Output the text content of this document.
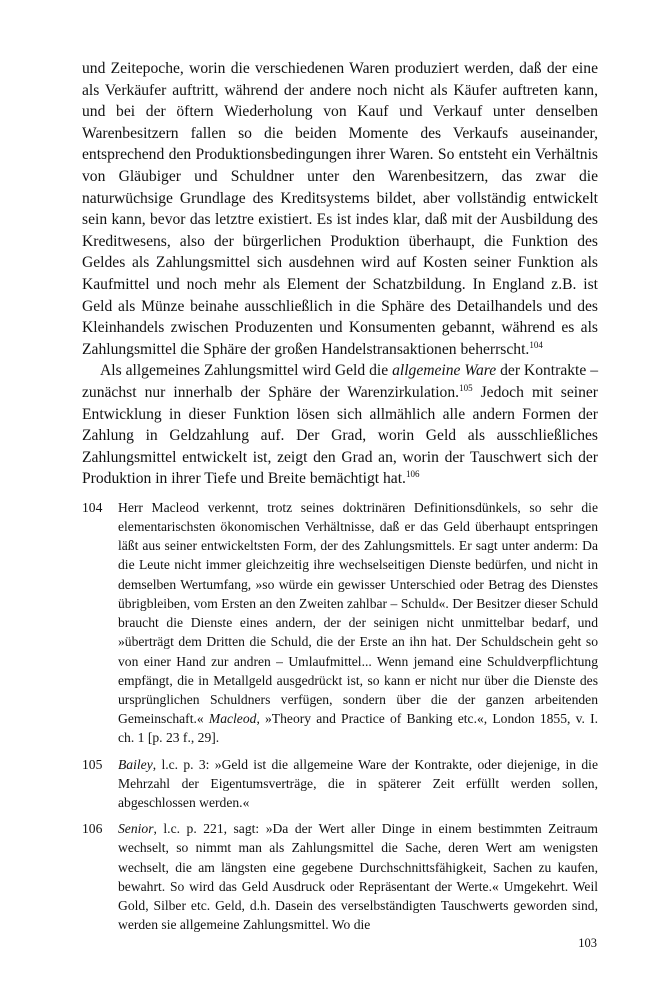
und Zeitepoche, worin die verschiedenen Waren produziert werden, daß der eine als Verkäufer auftritt, während der andere noch nicht als Käufer auftreten kann, und bei der öftern Wiederholung von Kauf und Verkauf unter denselben Warenbesitzern fallen so die beiden Momente des Verkaufs auseinander, entsprechend den Produktionsbedingungen ihrer Waren. So entsteht ein Verhältnis von Gläubiger und Schuldner unter den Warenbesitzern, das zwar die naturwüchsige Grundlage des Kreditsystems bildet, aber vollständig entwickelt sein kann, bevor das letztre existiert. Es ist indes klar, daß mit der Ausbildung des Kreditwesens, also der bürgerlichen Produktion überhaupt, die Funktion des Geldes als Zahlungsmittel sich ausdehnen wird auf Kosten seiner Funktion als Kaufmittel und noch mehr als Element der Schatzbildung. In England z.B. ist Geld als Münze beinahe ausschließlich in die Sphäre des Detailhandels und des Kleinhandels zwischen Produzenten und Konsumenten gebannt, während es als Zahlungsmittel die Sphäre der großen Handelstransaktionen beherrscht.$^{104}$

Als allgemeines Zahlungsmittel wird Geld die allgemeine Ware der Kontrakte – zunächst nur innerhalb der Sphäre der Warenzirkulation.$^{105}$ Jedoch mit seiner Entwicklung in dieser Funktion lösen sich allmählich alle andern Formen der Zahlung in Geldzahlung auf. Der Grad, worin Geld als ausschließliches Zahlungsmittel entwickelt ist, zeigt den Grad an, worin der Tauschwert sich der Produktion in ihrer Tiefe und Breite bemächtigt hat.$^{106}$

104	Herr Macleod verkennt, trotz seines doktrinären Definitionsdünkels, so sehr die elementarischsten ökonomischen Verhältnisse, daß er das Geld überhaupt entspringen läßt aus seiner entwickeltsten Form, der des Zahlungsmittels. Er sagt unter anderm: Da die Leute nicht immer gleichzeitig ihre wechselseitigen Dienste bedürfen, und nicht in demselben Wertumfang, »so würde ein gewisser Unterschied oder Betrag des Dienstes übrigbleiben, vom Ersten an den Zweiten zahlbar – Schuld«. Der Besitzer dieser Schuld braucht die Dienste eines andern, der der seinigen nicht unmittelbar bedarf, und »überträgt dem Dritten die Schuld, die der Erste an ihn hat. Der Schuldschein geht so von einer Hand zur andren – Umlaufmittel... Wenn jemand eine Schuldverpflichtung empfängt, die in Metallgeld ausgedrückt ist, so kann er nicht nur über die Dienste des ursprünglichen Schuldners verfügen, sondern über die der ganzen arbeitenden Gemeinschaft.« Macleod, »Theory and Practice of Banking etc.«, London 1855, v. I. ch. 1 [p. 23 f., 29].
105	Bailey, l.c. p. 3: »Geld ist die allgemeine Ware der Kontrakte, oder diejenige, in die Mehrzahl der Eigentumsverträge, die in späterer Zeit erfüllt werden sollen, abgeschlossen werden.«
106	Senior, l.c. p. 221, sagt: »Da der Wert aller Dinge in einem bestimmten Zeitraum wechselt, so nimmt man als Zahlungsmittel die Sache, deren Wert am wenigsten wechselt, die am längsten eine gegebene Durchschnittsfähigkeit, Sachen zu kaufen, bewahrt. So wird das Geld Ausdruck oder Repräsentant der Werte.« Umgekehrt. Weil Gold, Silber etc. Geld, d.h. Dasein des verselbständigten Tauschwerts geworden sind, werden sie allgemeine Zahlungsmittel. Wo die
103
